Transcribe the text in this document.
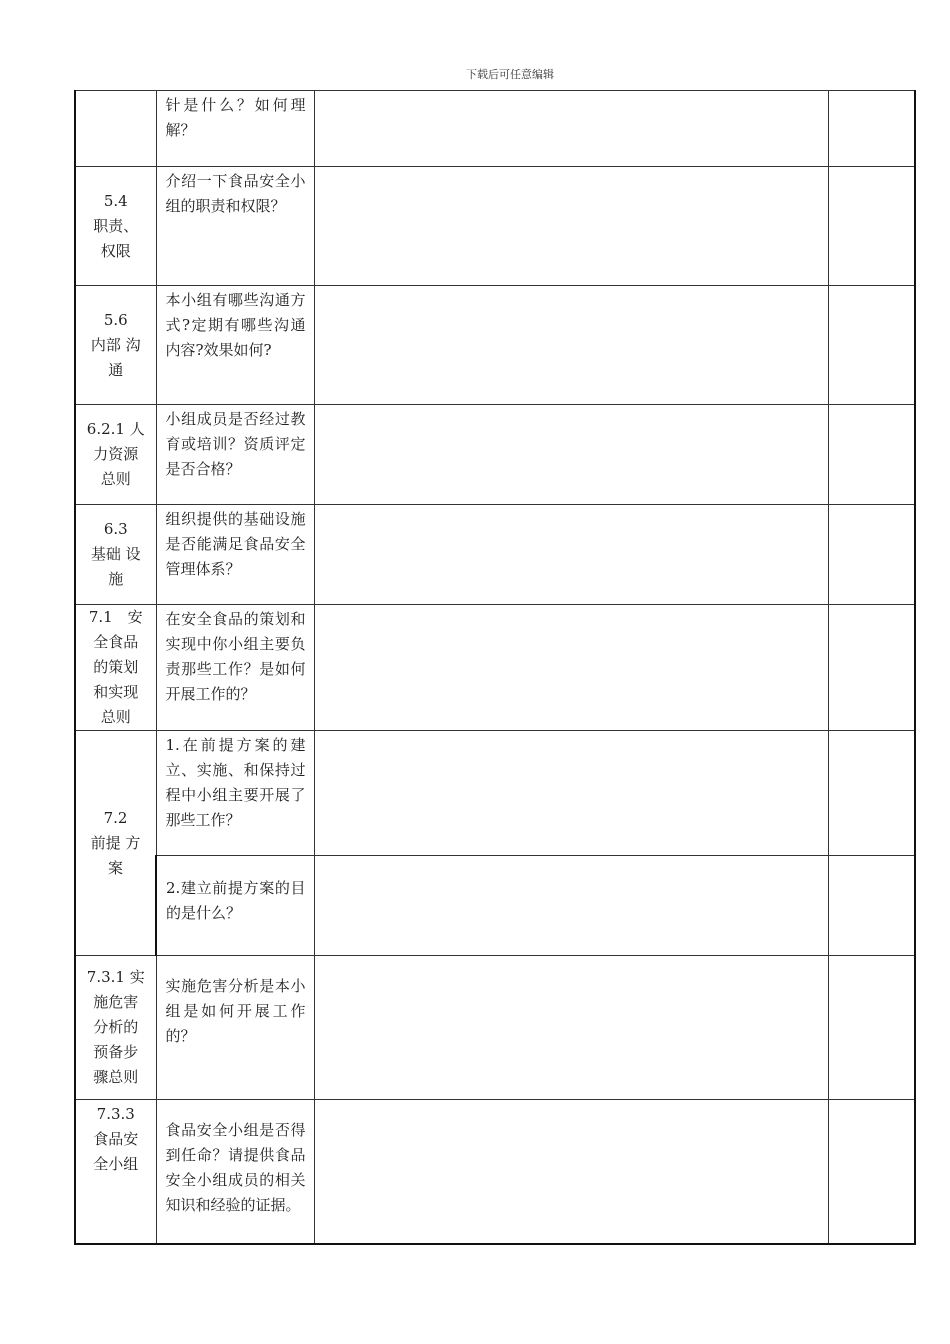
下载后可任意编辑
	针是什么？如何理解？		

5.4
职责、
权限	介绍一下食品安全小组的职责和权限？		

5.6
内部 沟
通	本小组有哪些沟通方式?定期有哪些沟通内容?效果如何?		

6.2.1 人
力资源
总则	小组成员是否经过教育或培训？资质评定是否合格？		

6.3
基础 设
施	组织提供的基础设施是否能满足食品安全管理体系？		

7.1　安
全食品
的策划
和实现
总则	在安全食品的策划和实现中你小组主要负责那些工作？是如何开展工作的？		

7.2
前提 方
案	1.在前提方案的建立、实施、和保持过程中小组主要开展了那些工作？		
	2.建立前提方案的目的是什么？		

7.3.1 实
施危害
分析的
预备步
骤总则	实施危害分析是本小组是如何开展工作的？		

7.3.3
食品安
全小组	食品安全小组是否得到任命？请提供食品安全小组成员的相关知识和经验的证据。		
